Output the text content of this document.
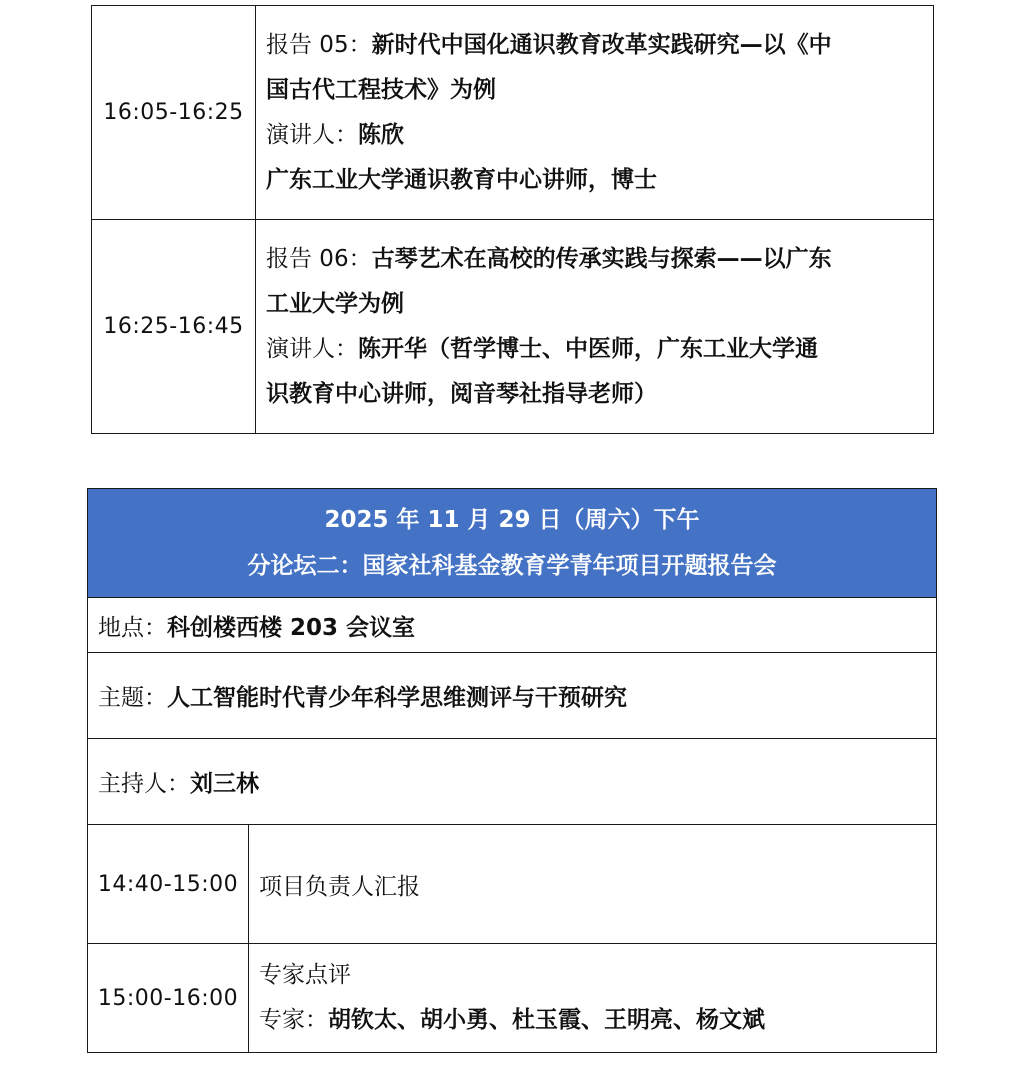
16:05-16:25	报告 05：新时代中国化通识教育改革实践研究—以《中
国古代工程技术》为例
演讲人：陈欣
广东工业大学通识教育中心讲师，博士

16:25-16:45	报告 06：古琴艺术在高校的传承实践与探索——以广东
工业大学为例
演讲人：陈开华（哲学博士、中医师，广东工业大学通
识教育中心讲师，阅音琴社指导老师）
2025 年 11 月 29 日（周六）下午
分论坛二：国家社科基金教育学青年项目开题报告会	

地点：科创楼西楼 203 会议室	
主题：人工智能时代青少年科学思维测评与干预研究	
主持人：刘三林	
14:40-15:00	项目负责人汇报
15:00-16:00	专家点评
专家：胡钦太、胡小勇、杜玉霞、王明亮、杨文斌
